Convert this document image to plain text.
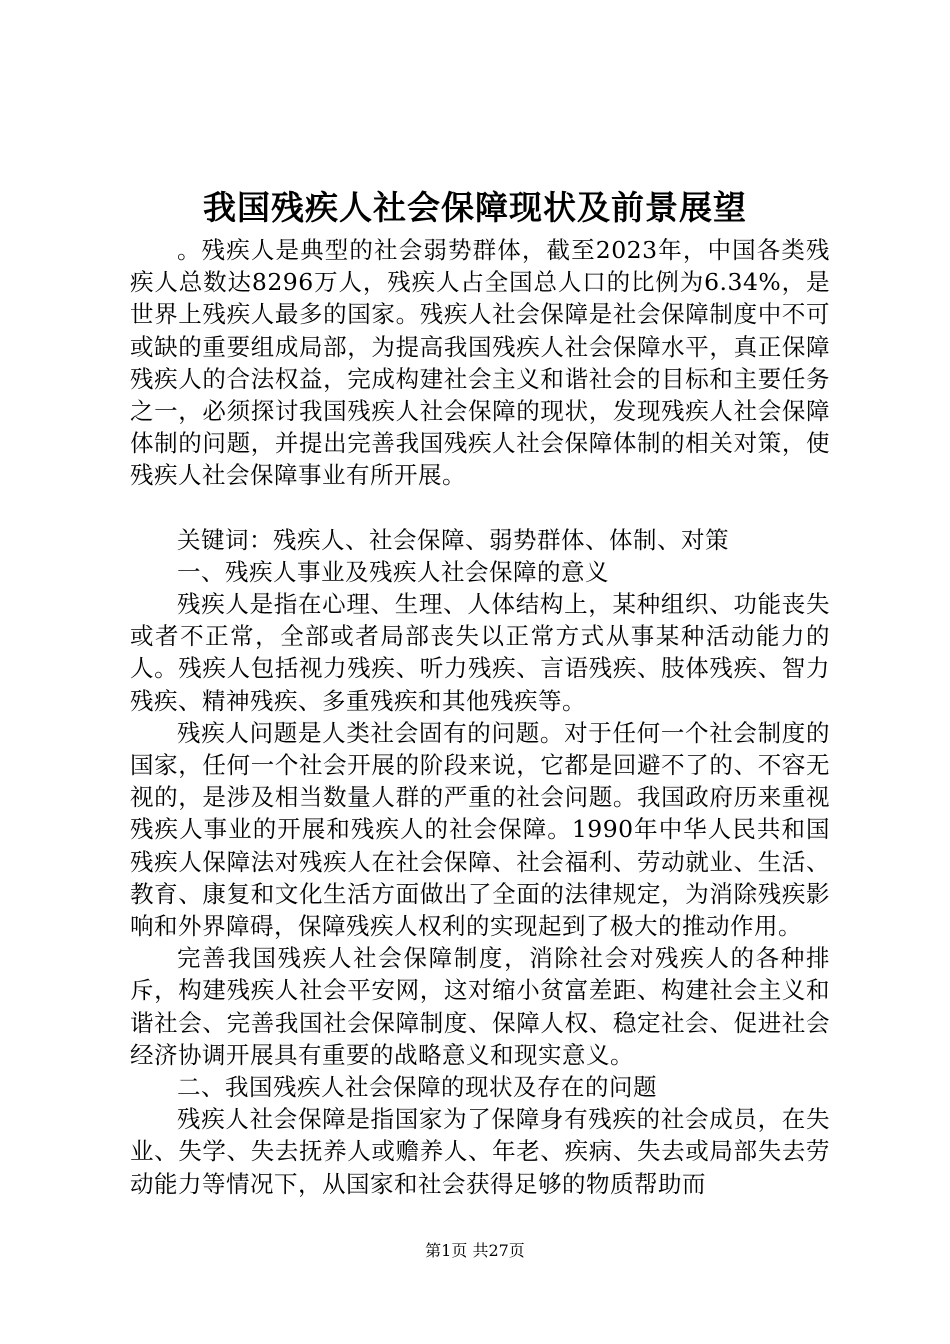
我国残疾人社会保障现状及前景展望

。残疾人是典型的社会弱势群体，截至2023年，中国各类残疾人总数达8296万人，残疾人占全国总人口的比例为6.34%，是世界上残疾人最多的国家。残疾人社会保障是社会保障制度中不可或缺的重要组成局部，为提高我国残疾人社会保障水平，真正保障残疾人的合法权益，完成构建社会主义和谐社会的目标和主要任务之一，必须探讨我国残疾人社会保障的现状，发现残疾人社会保障体制的问题，并提出完善我国残疾人社会保障体制的相关对策，使残疾人社会保障事业有所开展。

关键词：残疾人、社会保障、弱势群体、体制、对策

一、残疾人事业及残疾人社会保障的意义

残疾人是指在心理、生理、人体结构上，某种组织、功能丧失或者不正常，全部或者局部丧失以正常方式从事某种活动能力的人。残疾人包括视力残疾、听力残疾、言语残疾、肢体残疾、智力残疾、精神残疾、多重残疾和其他残疾等。

残疾人问题是人类社会固有的问题。对于任何一个社会制度的国家，任何一个社会开展的阶段来说，它都是回避不了的、不容无视的，是涉及相当数量人群的严重的社会问题。我国政府历来重视残疾人事业的开展和残疾人的社会保障。1990年中华人民共和国残疾人保障法对残疾人在社会保障、社会福利、劳动就业、生活、教育、康复和文化生活方面做出了全面的法律规定，为消除残疾影响和外界障碍，保障残疾人权利的实现起到了极大的推动作用。

完善我国残疾人社会保障制度，消除社会对残疾人的各种排斥，构建残疾人社会平安网，这对缩小贫富差距、构建社会主义和谐社会、完善我国社会保障制度、保障人权、稳定社会、促进社会经济协调开展具有重要的战略意义和现实意义。

二、我国残疾人社会保障的现状及存在的问题

残疾人社会保障是指国家为了保障身有残疾的社会成员，在失业、失学、失去抚养人或赡养人、年老、疾病、失去或局部失去劳动能力等情况下，从国家和社会获得足够的物质帮助而

第1页 共27页
